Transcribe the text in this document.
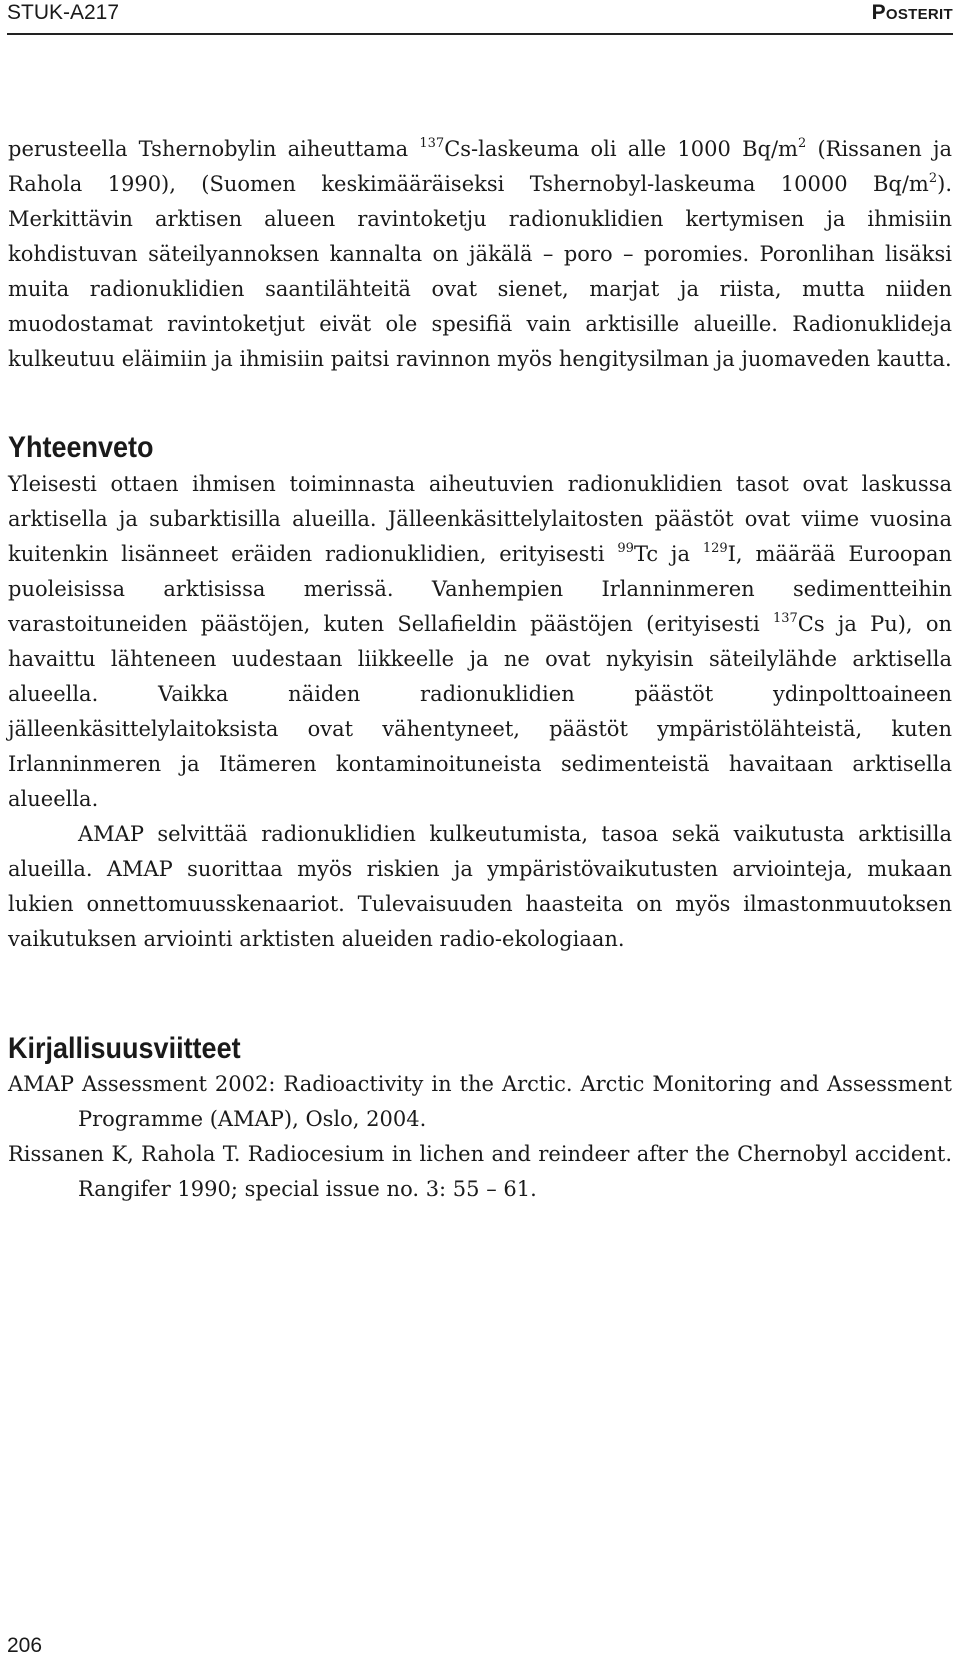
STUK-A217	Posterit

perusteella Tshernobylin aiheuttama $^{137}$Cs-laskeuma oli alle 1000 $Bq/m^2$ (Rissanen ja Rahola 1990), (Suomen keskimääräiseksi Tshernobyl-laskeuma 10000 $Bq/m^2$). Merkittävin arktisen alueen ravintoketju radionuklidien kertymisen ja ihmisiin kohdistuvan säteilyannoksen kannalta on jäkälä – poro – poromies. Poronlihan lisäksi muita radionuklidien saantilähteitä ovat sienet, marjat ja riista, mutta niiden muodostamat ravintoketjut eivät ole spesifiä vain arktisille alueille. Radionuklideja kulkeutuu eläimiin ja ihmisiin paitsi ravinnon myös hengitysilman ja juomaveden kautta.

Yhteenveto

Yleisesti ottaen ihmisen toiminnasta aiheutuvien radionuklidien tasot ovat laskussa arktisella ja subarktisilla alueilla. Jälleenkäsittelylaitosten päästöt ovat viime vuosina kuitenkin lisänneet eräiden radionuklidien, erityisesti $^{99}$Tc ja $^{129}$I, määrää Euroopan puoleisissa arktisissa merissä. Vanhempien Irlanninmeren sedimentteihin varastoituneiden päästöjen, kuten Sellafieldin päästöjen (erityisesti $^{137}$Cs ja Pu), on havaittu lähteneen uudestaan liikkeelle ja ne ovat nykyisin säteilylähde arktisella alueella. Vaikka näiden radionuklidien päästöt ydinpolttoaineen jälleenkäsittelylaitoksista ovat vähentyneet, päästöt ympäristölähteistä, kuten Irlanninmeren ja Itämeren kontaminoituneista sedimenteistä havaitaan arktisella alueella.

AMAP selvittää radionuklidien kulkeutumista, tasoa sekä vaikutusta arktisilla alueilla. AMAP suorittaa myös riskien ja ympäristövaikutusten arviointeja, mukaan lukien onnettomuusskenaariot. Tulevaisuuden haasteita on myös ilmastonmuutoksen vaikutuksen arviointi arktisten alueiden radio-ekologiaan.

Kirjallisuusviitteet
AMAP Assessment 2002: Radioactivity in the Arctic. Arctic Monitoring and Assessment Programme (AMAP), Oslo, 2004.
Rissanen K, Rahola T. Radiocesium in lichen and reindeer after the Chernobyl accident. Rangifer 1990; special issue no. 3: 55 – 61.
206
